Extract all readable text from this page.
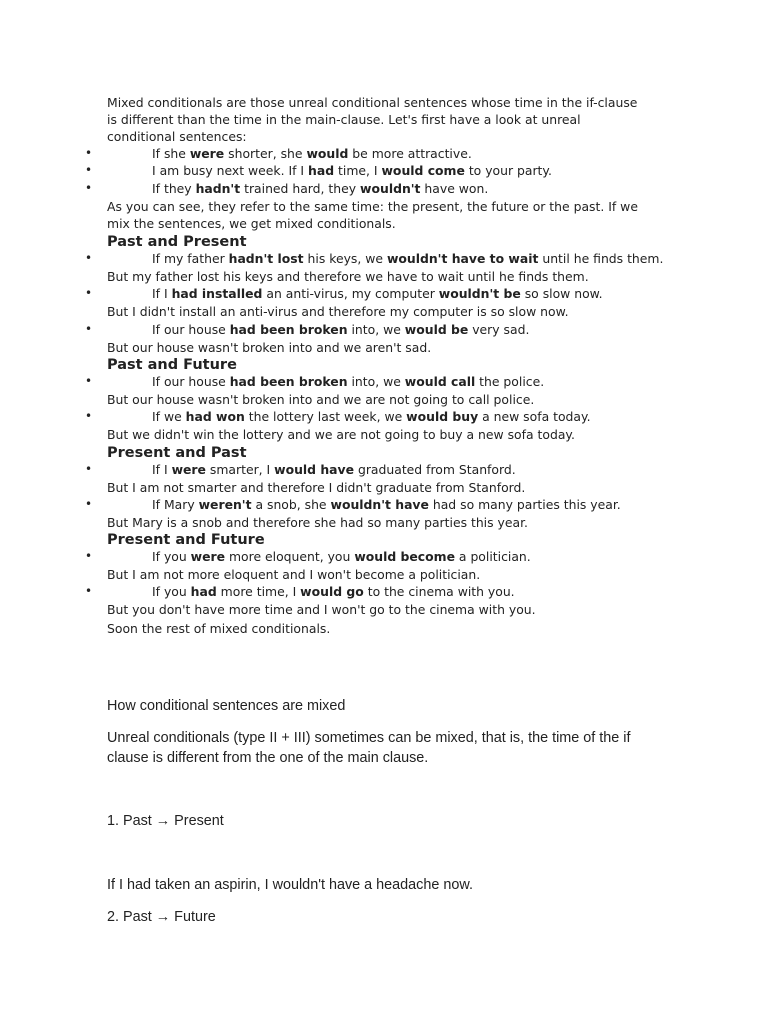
Mixed conditionals are those unreal conditional sentences whose time in the if-clause is different than the time in the main-clause. Let's first have a look at unreal conditional sentences:

•	If she were shorter, she would be more attractive.
•	I am busy next week. If I had time, I would come to your party.
•	If they hadn't trained hard, they wouldn't have won.

As you can see, they refer to the same time: the present, the future or the past. If we mix the sentences, we get mixed conditionals.

Past and Present
•	If my father hadn't lost his keys, we wouldn't have to wait until he finds them.
But my father lost his keys and therefore we have to wait until he finds them.
•	If I had installed an anti-virus, my computer wouldn't be so slow now.
But I didn't install an anti-virus and therefore my computer is so slow now.
•	If our house had been broken into, we would be very sad.
But our house wasn't broken into and we aren't sad.
Past and Future
•	If our house had been broken into, we would call the police.
But our house wasn't broken into and we are not going to call police.
•	If we had won the lottery last week, we would buy a new sofa today.
But we didn't win the lottery and we are not going to buy a new sofa today.
Present and Past
•	If I were smarter, I would have graduated from Stanford.
But I am not smarter and therefore I didn't graduate from Stanford.
•	If Mary weren't a snob, she wouldn't have had so many parties this year.
But Mary is a snob and therefore she had so many parties this year.
Present and Future
•	If you were more eloquent, you would become a politician.
But I am not more eloquent and I won't become a politician.
•	If you had more time, I would go to the cinema with you.
But you don't have more time and I won't go to the cinema with you.
Soon the rest of mixed conditionals.
How conditional sentences are mixed
Unreal conditionals (type II + III) sometimes can be mixed, that is, the time of the if clause is different from the one of the main clause.
1. Past → Present
If I had taken an aspirin, I wouldn't have a headache now.
2. Past → Future
